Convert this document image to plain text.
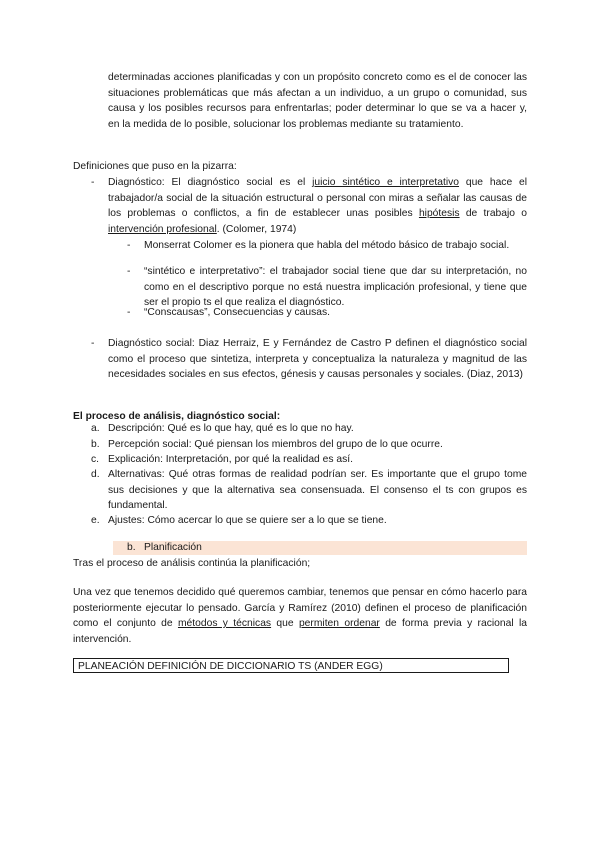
determinadas acciones planificadas y con un propósito concreto como es el de conocer las situaciones problemáticas que más afectan a un individuo, a un grupo o comunidad, sus causa y los posibles recursos para enfrentarlas; poder determinar lo que se va a hacer y, en la medida de lo posible, solucionar los problemas mediante su tratamiento.

Definiciones que puso en la pizarra:

- Diagnóstico: El diagnóstico social es el juicio sintético e interpretativo que hace el trabajador/a social de la situación estructural o personal con miras a señalar las causas de los problemas o conflictos, a fin de establecer unas posibles hipótesis de trabajo o intervención profesional. (Colomer, 1974)

- Monserrat Colomer es la pionera que habla del método básico de trabajo social.

- “sintético e interpretativo”: el trabajador social tiene que dar su interpretación, no como en el descriptivo porque no está nuestra implicación profesional, y tiene que ser el propio ts el que realiza el diagnóstico.

- “Conscausas”, Consecuencias y causas.

- Diagnóstico social: Diaz Herraiz, E y Fernández de Castro P definen el diagnóstico social como el proceso que sintetiza, interpreta y conceptualiza la naturaleza y magnitud de las necesidades sociales en sus efectos, génesis y causas personales y sociales. (Diaz, 2013)

El proceso de análisis, diagnóstico social:

a. Descripción: Qué es lo que hay, qué es lo que no hay.

b. Percepción social: Qué piensan los miembros del grupo de lo que ocurre.

c. Explicación: Interpretación, por qué la realidad es así.

d. Alternativas: Qué otras formas de realidad podrían ser. Es importante que el grupo tome sus decisiones y que la alternativa sea consensuada. El consenso el ts con grupos es fundamental.

e. Ajustes: Cómo acercar lo que se quiere ser a lo que se tiene.

b. Planificación

Tras el proceso de análisis continúa la planificación;

Una vez que tenemos decidido qué queremos cambiar, tenemos que pensar en cómo hacerlo para posteriormente ejecutar lo pensado. García y Ramírez (2010) definen el proceso de planificación como el conjunto de métodos y técnicas que permiten ordenar de forma previa y racional la intervención.

PLANEACIÓN DEFINICIÓN DE DICCIONARIO TS (ANDER EGG)
